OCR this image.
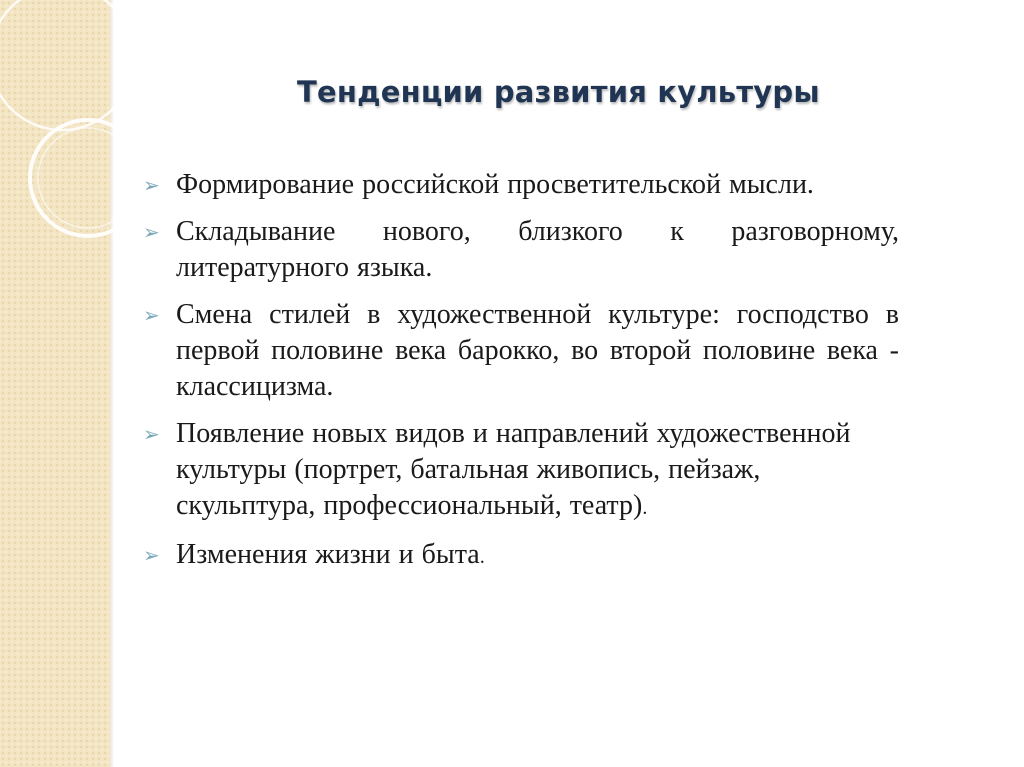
Тенденции развития культуры
➢ Формирование российской просветительской мысли.
➢ Складывание нового, близкого к разговорному, литературного языка.
➢ Смена стилей в художественной культуре: господство в первой половине века барокко, во второй половине века - классицизма.
➢ Появление новых видов и направлений художественной культуры (портрет, батальная живопись, пейзаж, скульптура, профессиональный, театр).
➢ Изменения жизни и быта.
